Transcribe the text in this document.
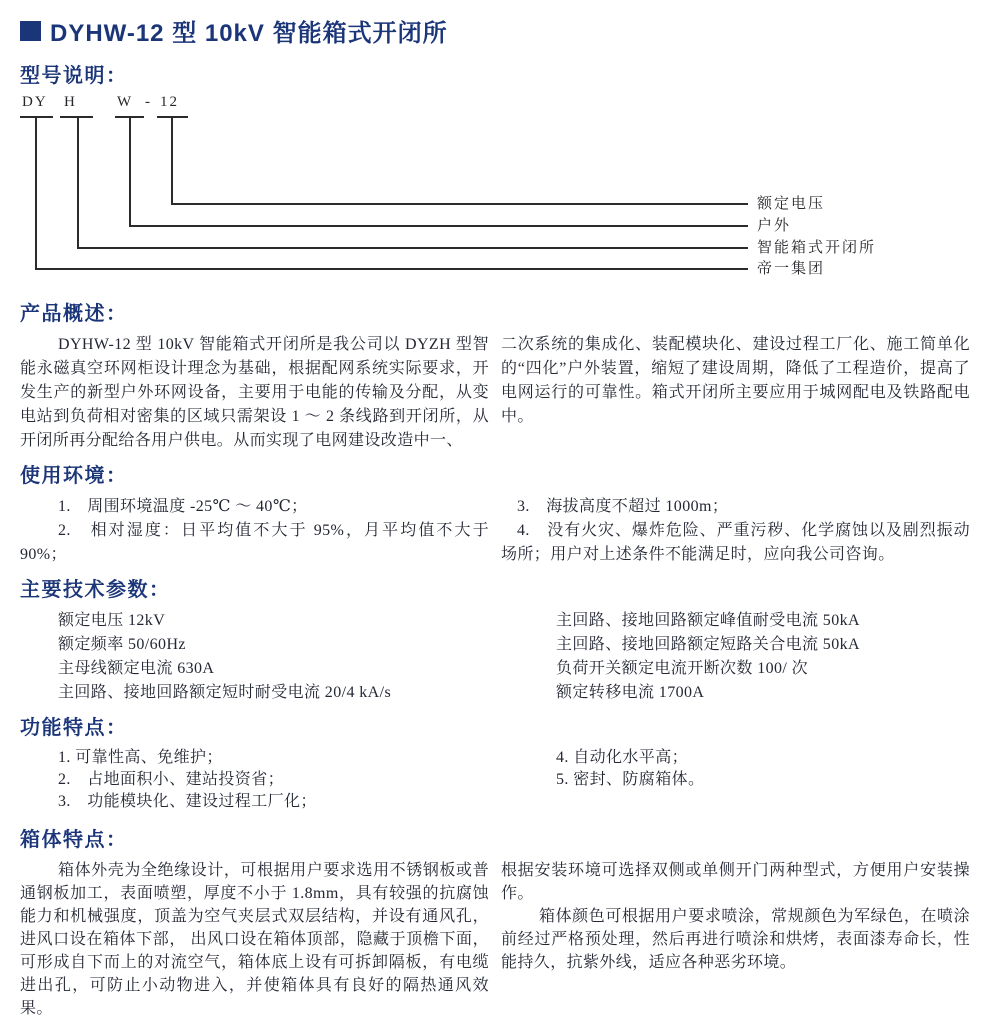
DYHW-12 型 10kV 智能箱式开闭所
型号说明：
DY H	W - 12
额定电压
户外
智能箱式开闭所
帝一集团
产品概述：

DYHW-12 型 10kV 智能箱式开闭所是我公司以 DYZH 型智能永磁真空环网柜设计理念为基础，根据配网系统实际要求，开发生产的新型户外环网设备，主要用于电能的传输及分配，从变电站到负荷相对密集的区域只需架设 1 ～ 2 条线路到开闭所，从开闭所再分配给各用户供电。从而实现了电网建设改造中一、

二次系统的集成化、装配模块化、建设过程工厂化、施工简单化的“四化”户外装置，缩短了建设周期，降低了工程造价，提高了电网运行的可靠性。箱式开闭所主要应用于城网配电及铁路配电中。

使用环境：

1.　周围环境温度 -25℃ ～ 40℃；

2.　相对湿度：日平均值不大于 95%，月平均值不大于 90%；

3.　海拔高度不超过 1000m；

4.　没有火灾、爆炸危险、严重污秽、化学腐蚀以及剧烈振动场所；用户对上述条件不能满足时，应向我公司咨询。

主要技术参数：

额定电压 12kV

额定频率 50/60Hz

主母线额定电流 630A

主回路、接地回路额定短时耐受电流 20/4 kA/s

主回路、接地回路额定峰值耐受电流 50kA

主回路、接地回路额定短路关合电流 50kA

负荷开关额定电流开断次数 100/ 次

额定转移电流 1700A

功能特点：

1. 可靠性高、免维护；

2.　占地面积小、建站投资省；

3.　功能模块化、建设过程工厂化；

4. 自动化水平高；

5. 密封、防腐箱体。

箱体特点：

箱体外壳为全绝缘设计，可根据用户要求选用不锈钢板或普通钢板加工，表面喷塑，厚度不小于 1.8mm，具有较强的抗腐蚀能力和机械强度，顶盖为空气夹层式双层结构，并设有通风孔，进风口设在箱体下部， 出风口设在箱体顶部，隐藏于顶檐下面，可形成自下而上的对流空气，箱体底上设有可拆卸隔板，有电缆进出孔，可防止小动物进入，并使箱体具有良好的隔热通风效果。

根据安装环境可选择双侧或单侧开门两种型式，方便用户安装操作。

箱体颜色可根据用户要求喷涂，常规颜色为军绿色，在喷涂前经过严格预处理，然后再进行喷涂和烘烤，表面漆寿命长，性能持久，抗紫外线，适应各种恶劣环境。
